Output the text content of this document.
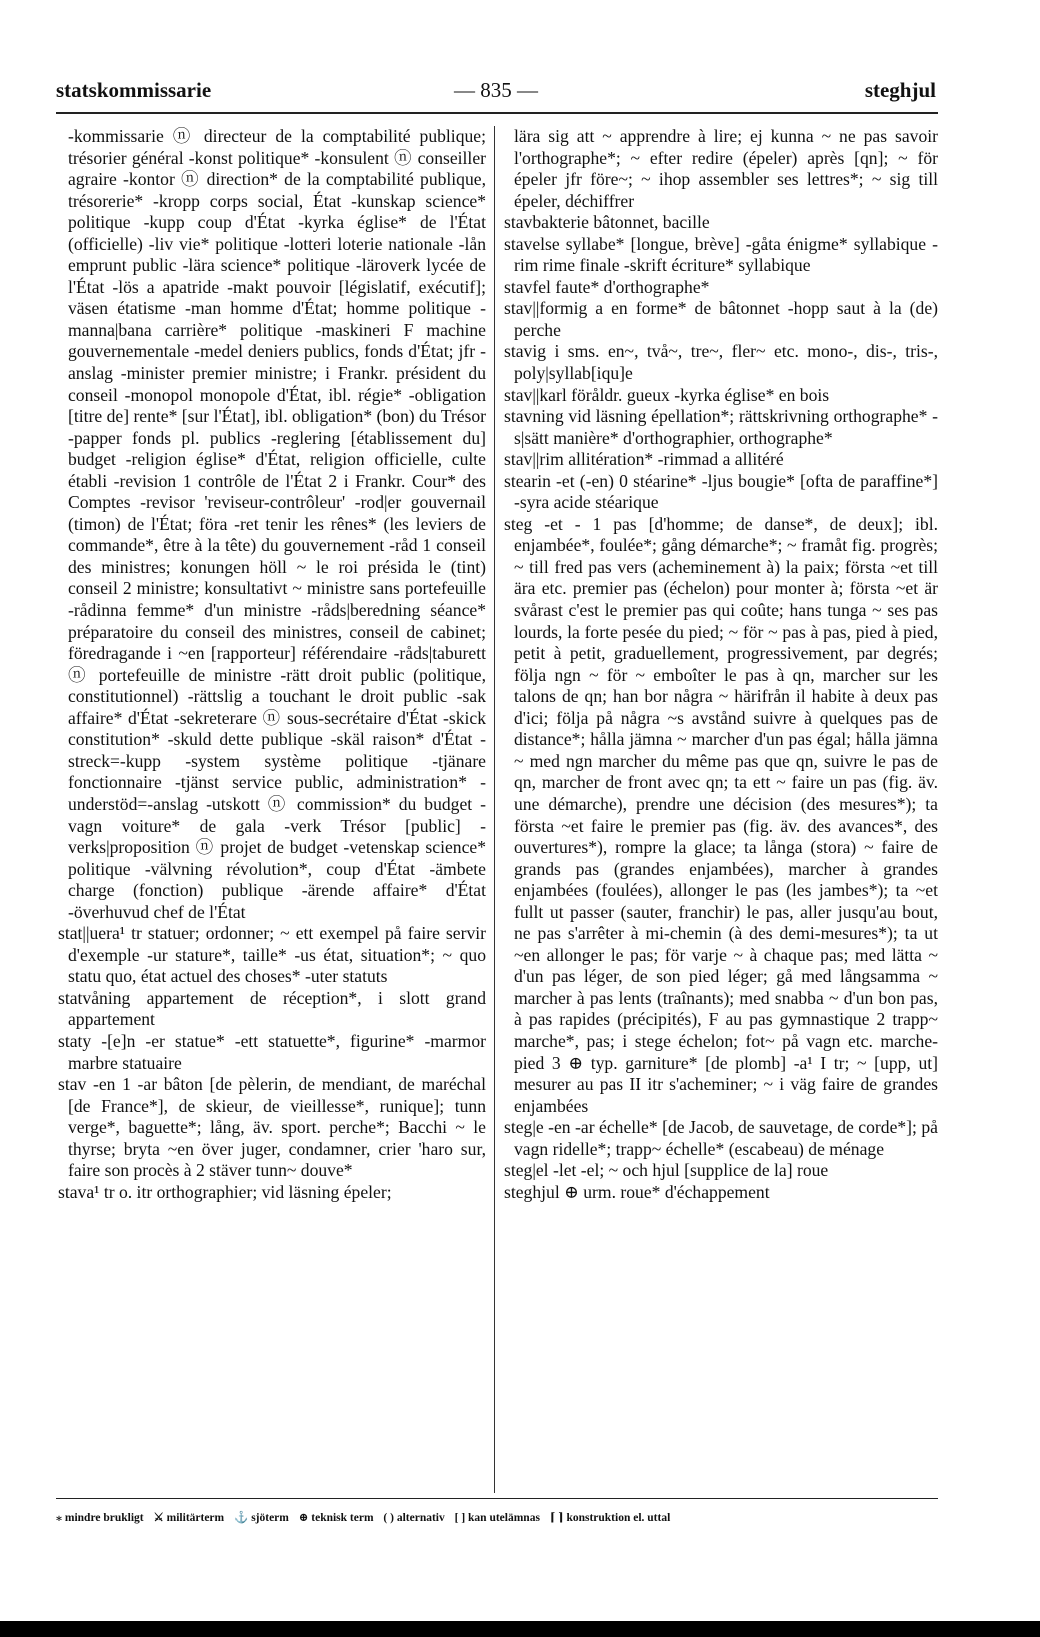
statskommissarie	— 835 —	steghjul

-kommissarie ⓝ directeur de la comptabilité publique; trésorier général -konst politique* -konsulent ⓝ conseiller agraire -kontor ⓝ direction* de la comptabilité publique, trésorerie* -kropp corps social, État -kunskap science* politique -kupp coup d'État -kyrka église* de l'État (officielle) -liv vie* politique -lotteri loterie nationale -lån emprunt public -lära science* politique -läroverk lycée de l'État -lös a apatride -makt pouvoir [législatif, exécutif]; väsen étatisme -man homme d'État; homme politique -manna|bana carrière* politique -maskineri F machine gouvernementale -medel deniers publics, fonds d'État; jfr -anslag -minister premier ministre; i Frankr. président du conseil -monopol monopole d'État, ibl. régie* -obligation [titre de] rente* [sur l'État], ibl. obligation* (bon) du Trésor -papper fonds pl. publics -reglering [établissement du] budget -religion église* d'État, religion officielle, culte établi -revision 1 contrôle de l'État 2 i Frankr. Cour* des Comptes -revisor 'reviseur-contrôleur' -rod|er gouvernail (timon) de l'État; föra -ret tenir les rênes* (les leviers de commande*, être à la tête) du gouvernement -råd 1 conseil des ministres; konungen höll ~ le roi présida le (tint) conseil 2 ministre; konsultativt ~ ministre sans portefeuille -rådinna femme* d'un ministre -råds|beredning séance* préparatoire du conseil des ministres, conseil de cabinet; föredragande i ~en [rapporteur] référendaire -råds|taburett ⓝ portefeuille de ministre -rätt droit public (politique, constitutionnel) -rättslig a touchant le droit public -sak affaire* d'État -sekreterare ⓝ sous-secrétaire d'État -skick constitution* -skuld dette publique -skäl raison* d'État -streck=-kupp -system système politique -tjänare fonctionnaire -tjänst service public, administration* -understöd=-anslag -utskott ⓝ commission* du budget -vagn voiture* de gala -verk Trésor [public] -verks|proposition ⓝ projet de budget -vetenskap science* politique -välvning révolution*, coup d'État -ämbete charge (fonction) publique -ärende affaire* d'État -överhuvud chef de l'État

stat||uera¹ tr statuer; ordonner; ~ ett exempel på faire servir d'exemple -ur stature*, taille* -us état, situation*; ~ quo statu quo, état actuel des choses* -uter statuts

statvåning appartement de réception*, i slott grand appartement

staty -[e]n -er statue* -ett statuette*, figurine* -marmor marbre statuaire

stav -en 1 -ar bâton [de pèlerin, de mendiant, de maréchal [de France*], de skieur, de vieillesse*, runique]; tunn verge*, baguette*; lång, äv. sport. perche*; Bacchi ~ le thyrse; bryta ~en över juger, condamner, crier 'haro sur, faire son procès à 2 stäver tunn~ douve*

stava¹ tr o. itr orthographier; vid läsning épeler;

lära sig att ~ apprendre à lire; ej kunna ~ ne pas savoir l'orthographe*; ~ efter redire (épeler) après [qn]; ~ för épeler jfr före~; ~ ihop assembler ses lettres*; ~ sig till épeler, déchiffrer

stavbakterie bâtonnet, bacille

stavelse syllabe* [longue, brève] -gåta énigme* syllabique -rim rime finale -skrift écriture* syllabique

stavfel faute* d'orthographe*

stav||formig a en forme* de bâtonnet -hopp saut à la (de) perche

stavig i sms. en~, två~, tre~, fler~ etc. mono-, dis-, tris-, poly|syllab[iqu]e

stav||karl föråldr. gueux -kyrka église* en bois

stavning vid läsning épellation*; rättskrivning orthographe* -s|sätt manière* d'orthographier, orthographe*

stav||rim allitération* -rimmad a allitéré

stearin -et (-en) 0 stéarine* -ljus bougie* [ofta de paraffine*] -syra acide stéarique

steg -et - 1 pas [d'homme; de danse*, de deux]; ibl. enjambée*, foulée*; gång démarche*; ~ framåt fig. progrès; ~ till fred pas vers (acheminement à) la paix; första ~et till ära etc. premier pas (échelon) pour monter à; första ~et är svårast c'est le premier pas qui coûte; hans tunga ~ ses pas lourds, la forte pesée du pied; ~ för ~ pas à pas, pied à pied, petit à petit, graduellement, progressivement, par degrés; följa ngn ~ för ~ emboîter le pas à qn, marcher sur les talons de qn; han bor några ~ härifrån il habite à deux pas d'ici; följa på några ~s avstånd suivre à quelques pas de distance*; hålla jämna ~ marcher d'un pas égal; hålla jämna ~ med ngn marcher du même pas que qn, suivre le pas de qn, marcher de front avec qn; ta ett ~ faire un pas (fig. äv. une démarche), prendre une décision (des mesures*); ta första ~et faire le premier pas (fig. äv. des avances*, des ouvertures*), rompre la glace; ta långa (stora) ~ faire de grands pas (grandes enjambées), marcher à grandes enjambées (foulées), allonger le pas (les jambes*); ta ~et fullt ut passer (sauter, franchir) le pas, aller jusqu'au bout, ne pas s'arrêter à mi-chemin (à des demi-mesures*); ta ut ~en allonger le pas; för varje ~ à chaque pas; med lätta ~ d'un pas léger, de son pied léger; gå med långsamma ~ marcher à pas lents (traînants); med snabba ~ d'un bon pas, à pas rapides (précipités), F au pas gymnastique 2 trapp~ marche*, pas; i stege échelon; fot~ på vagn etc. marche-pied 3 ⊕ typ. garniture* [de plomb] -a¹ I tr; ~ [upp, ut] mesurer au pas II itr s'acheminer; ~ i väg faire de grandes enjambées

steg|e -en -ar échelle* [de Jacob, de sauvetage, de corde*]; på vagn ridelle*; trapp~ échelle* (escabeau) de ménage

steg|el -let -el; ~ och hjul [supplice de la] roue

steghjul ⊕ urm. roue* d'échappement

⁎ mindre brukligt ⚔ militärterm ⚓ sjöterm ⊕ teknisk term ( ) alternativ [ ] kan utelämnas ⌈ ⌉ konstruktion el. uttal
